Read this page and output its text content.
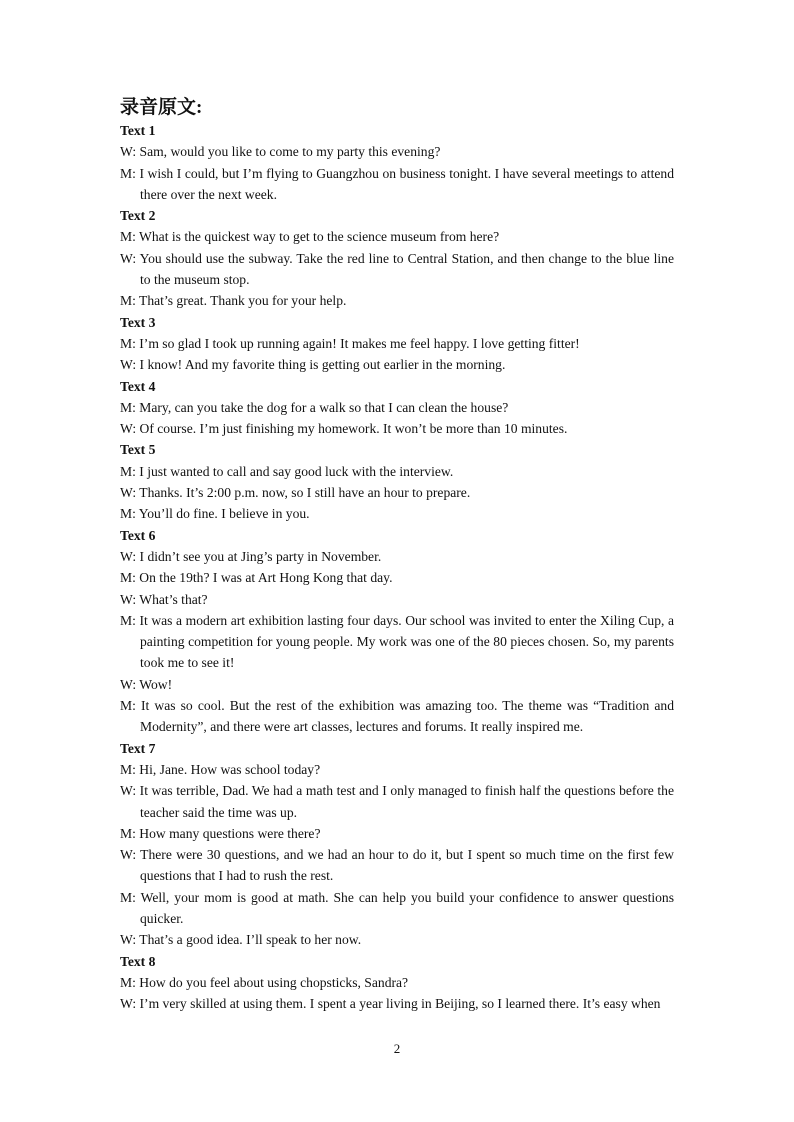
录音原文:
Text 1
W: Sam, would you like to come to my party this evening?
M: I wish I could, but I’m flying to Guangzhou on business tonight. I have several meetings to attend there over the next week.
Text 2
M: What is the quickest way to get to the science museum from here?
W: You should use the subway. Take the red line to Central Station, and then change to the blue line to the museum stop.
M: That’s great. Thank you for your help.
Text 3
M: I’m so glad I took up running again! It makes me feel happy. I love getting fitter!
W: I know! And my favorite thing is getting out earlier in the morning.
Text 4
M: Mary, can you take the dog for a walk so that I can clean the house?
W: Of course. I’m just finishing my homework. It won’t be more than 10 minutes.
Text 5
M: I just wanted to call and say good luck with the interview.
W: Thanks. It’s 2:00 p.m. now, so I still have an hour to prepare.
M: You’ll do fine. I believe in you.
Text 6
W: I didn’t see you at Jing’s party in November.
M: On the 19th? I was at Art Hong Kong that day.
W: What’s that?
M: It was a modern art exhibition lasting four days. Our school was invited to enter the Xiling Cup, a painting competition for young people. My work was one of the 80 pieces chosen. So, my parents took me to see it!
W: Wow!
M: It was so cool. But the rest of the exhibition was amazing too. The theme was “Tradition and Modernity”, and there were art classes, lectures and forums. It really inspired me.
Text 7
M: Hi, Jane. How was school today?
W: It was terrible, Dad. We had a math test and I only managed to finish half the questions before the teacher said the time was up.
M: How many questions were there?
W: There were 30 questions, and we had an hour to do it, but I spent so much time on the first few questions that I had to rush the rest.
M: Well, your mom is good at math. She can help you build your confidence to answer questions quicker.
W: That’s a good idea. I’ll speak to her now.
Text 8
M: How do you feel about using chopsticks, Sandra?
W: I’m very skilled at using them. I spent a year living in Beijing, so I learned there. It’s easy when
2
